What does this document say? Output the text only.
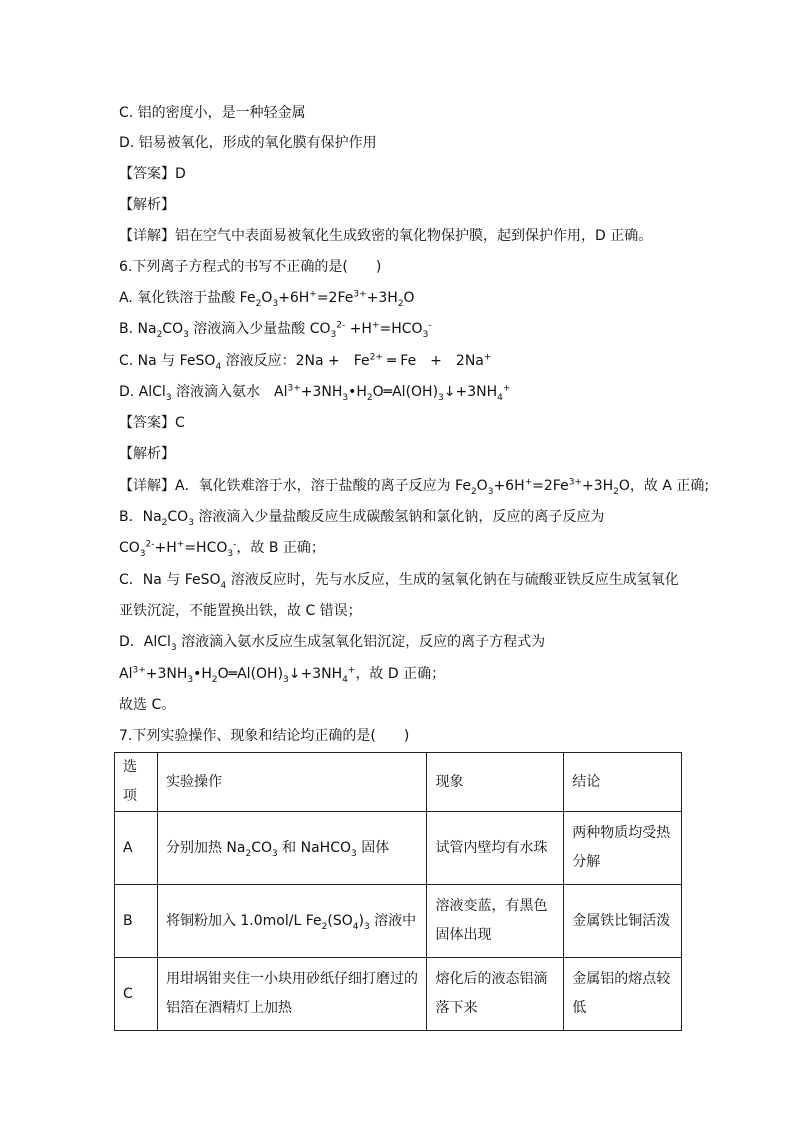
C. 铝的密度小，是一种轻金属
D. 铝易被氧化，形成的氧化膜有保护作用
【答案】D
【解析】
【详解】铝在空气中表面易被氧化生成致密的氧化物保护膜，起到保护作用，D 正确。
6.下列离子方程式的书写不正确的是(　　)
A. 氧化铁溶于盐酸 $Fe_2O_3+6H^+=2Fe^{3+}+3H_2O$
B. $Na_2CO_3$ 溶液滴入少量盐酸 $CO_3^{2-} +H^+=HCO_3^-$
C. Na 与 FeSO$_4$ 溶液反应：2Na +　$Fe^{2+}$ ═ Fe　+　2Na+
D. AlCl$_3$ 溶液滴入氨水　$Al^{3+}+3NH_3•H_2O═Al(OH)_3↓+3NH_4^+$
【答案】C
【解析】
【详解】A．氧化铁难溶于水，溶于盐酸的离子反应为 $Fe_2O_3+6H^+=2Fe^{3+}+3H_2O$，故 A 正确;
B．$Na_2CO_3$ 溶液滴入少量盐酸反应生成碳酸氢钠和氯化钠，反应的离子反应为
$CO_3^{2-}+H^+=HCO_3^-$，故 B 正确；
C．Na 与 FeSO$_4$ 溶液反应时，先与水反应，生成的氢氧化钠在与硫酸亚铁反应生成氢氧化
亚铁沉淀，不能置换出铁，故 C 错误；
D．AlCl$_3$ 溶液滴入氨水反应生成氢氧化铝沉淀，反应的离子方程式为
$Al^{3+}+3NH_3•H_2O═Al(OH)_3↓+3NH_4^+$，故 D 正确；
故选 C。
7.下列实验操作、现象和结论均正确的是(　　)
选项	实验操作	现象	结论
A	分别加热 $Na_2CO_3$ 和 NaHCO$_3$ 固体	试管内壁均有水珠	两种物质均受热分解
B	将铜粉加入 1.0mol/L $Fe_2(SO_4)_3$ 溶液中	溶液变蓝，有黑色固体出现	金属铁比铜活泼
C	用坩埚钳夹住一小块用砂纸仔细打磨过的铝箔在酒精灯上加热	熔化后的液态铝滴落下来	金属铝的熔点较低
